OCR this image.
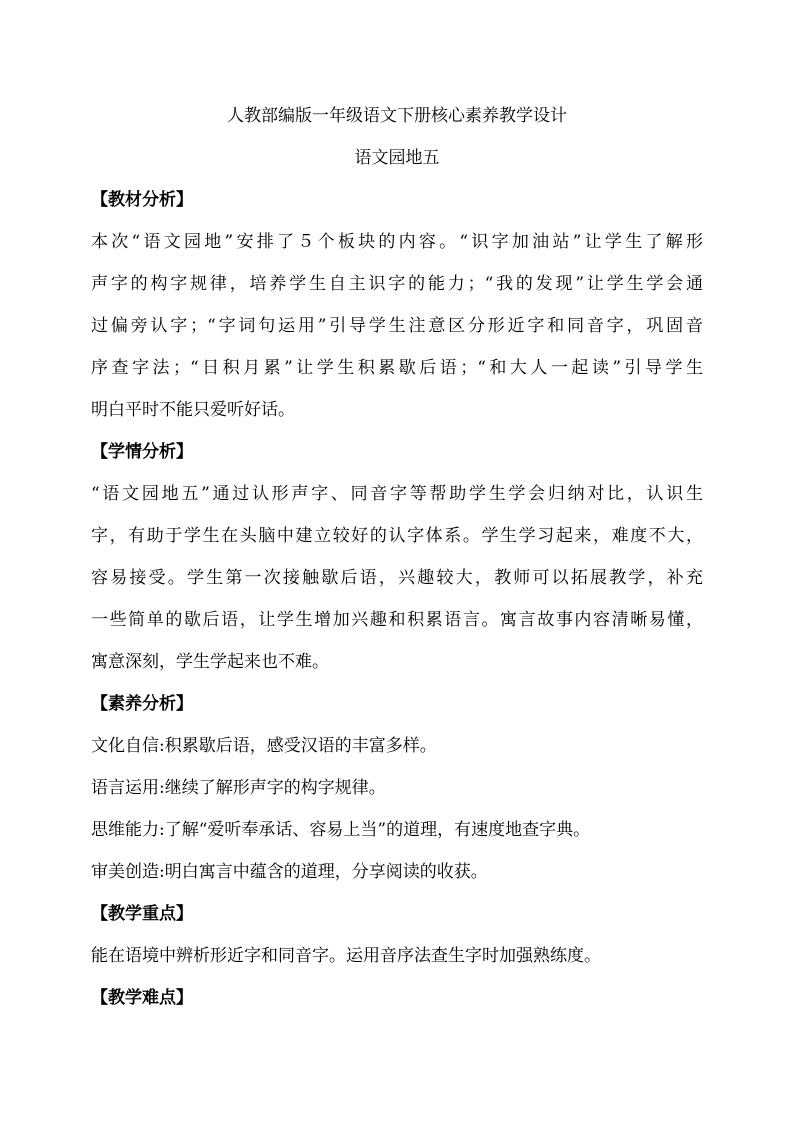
人教部编版一年级语文下册核心素养教学设计
语文园地五
【教材分析】
本次“语文园地”安排了５个板块的内容。“识字加油站”让学生了解形
声字的构字规律，培养学生自主识字的能力；“我的发现”让学生学会通
过偏旁认字；“字词句运用”引导学生注意区分形近字和同音字，巩固音
序查字法；“日积月累”让学生积累歇后语；“和大人一起读”引导学生
明白平时不能只爱听好话。
【学情分析】
“语文园地五”通过认形声字、同音字等帮助学生学会归纳对比，认识生
字，有助于学生在头脑中建立较好的认字体系。学生学习起来，难度不大，
容易接受。学生第一次接触歇后语，兴趣较大，教师可以拓展教学，补充
一些简单的歇后语，让学生增加兴趣和积累语言。寓言故事内容清晰易懂，
寓意深刻，学生学起来也不难。
【素养分析】
文化自信:积累歇后语，感受汉语的丰富多样。
语言运用:继续了解形声字的构字规律。
思维能力:了解“爱听奉承话、容易上当”的道理，有速度地查字典。
审美创造:明白寓言中蕴含的道理，分享阅读的收获。
【教学重点】
能在语境中辨析形近字和同音字。运用音序法查生字时加强熟练度。
【教学难点】
